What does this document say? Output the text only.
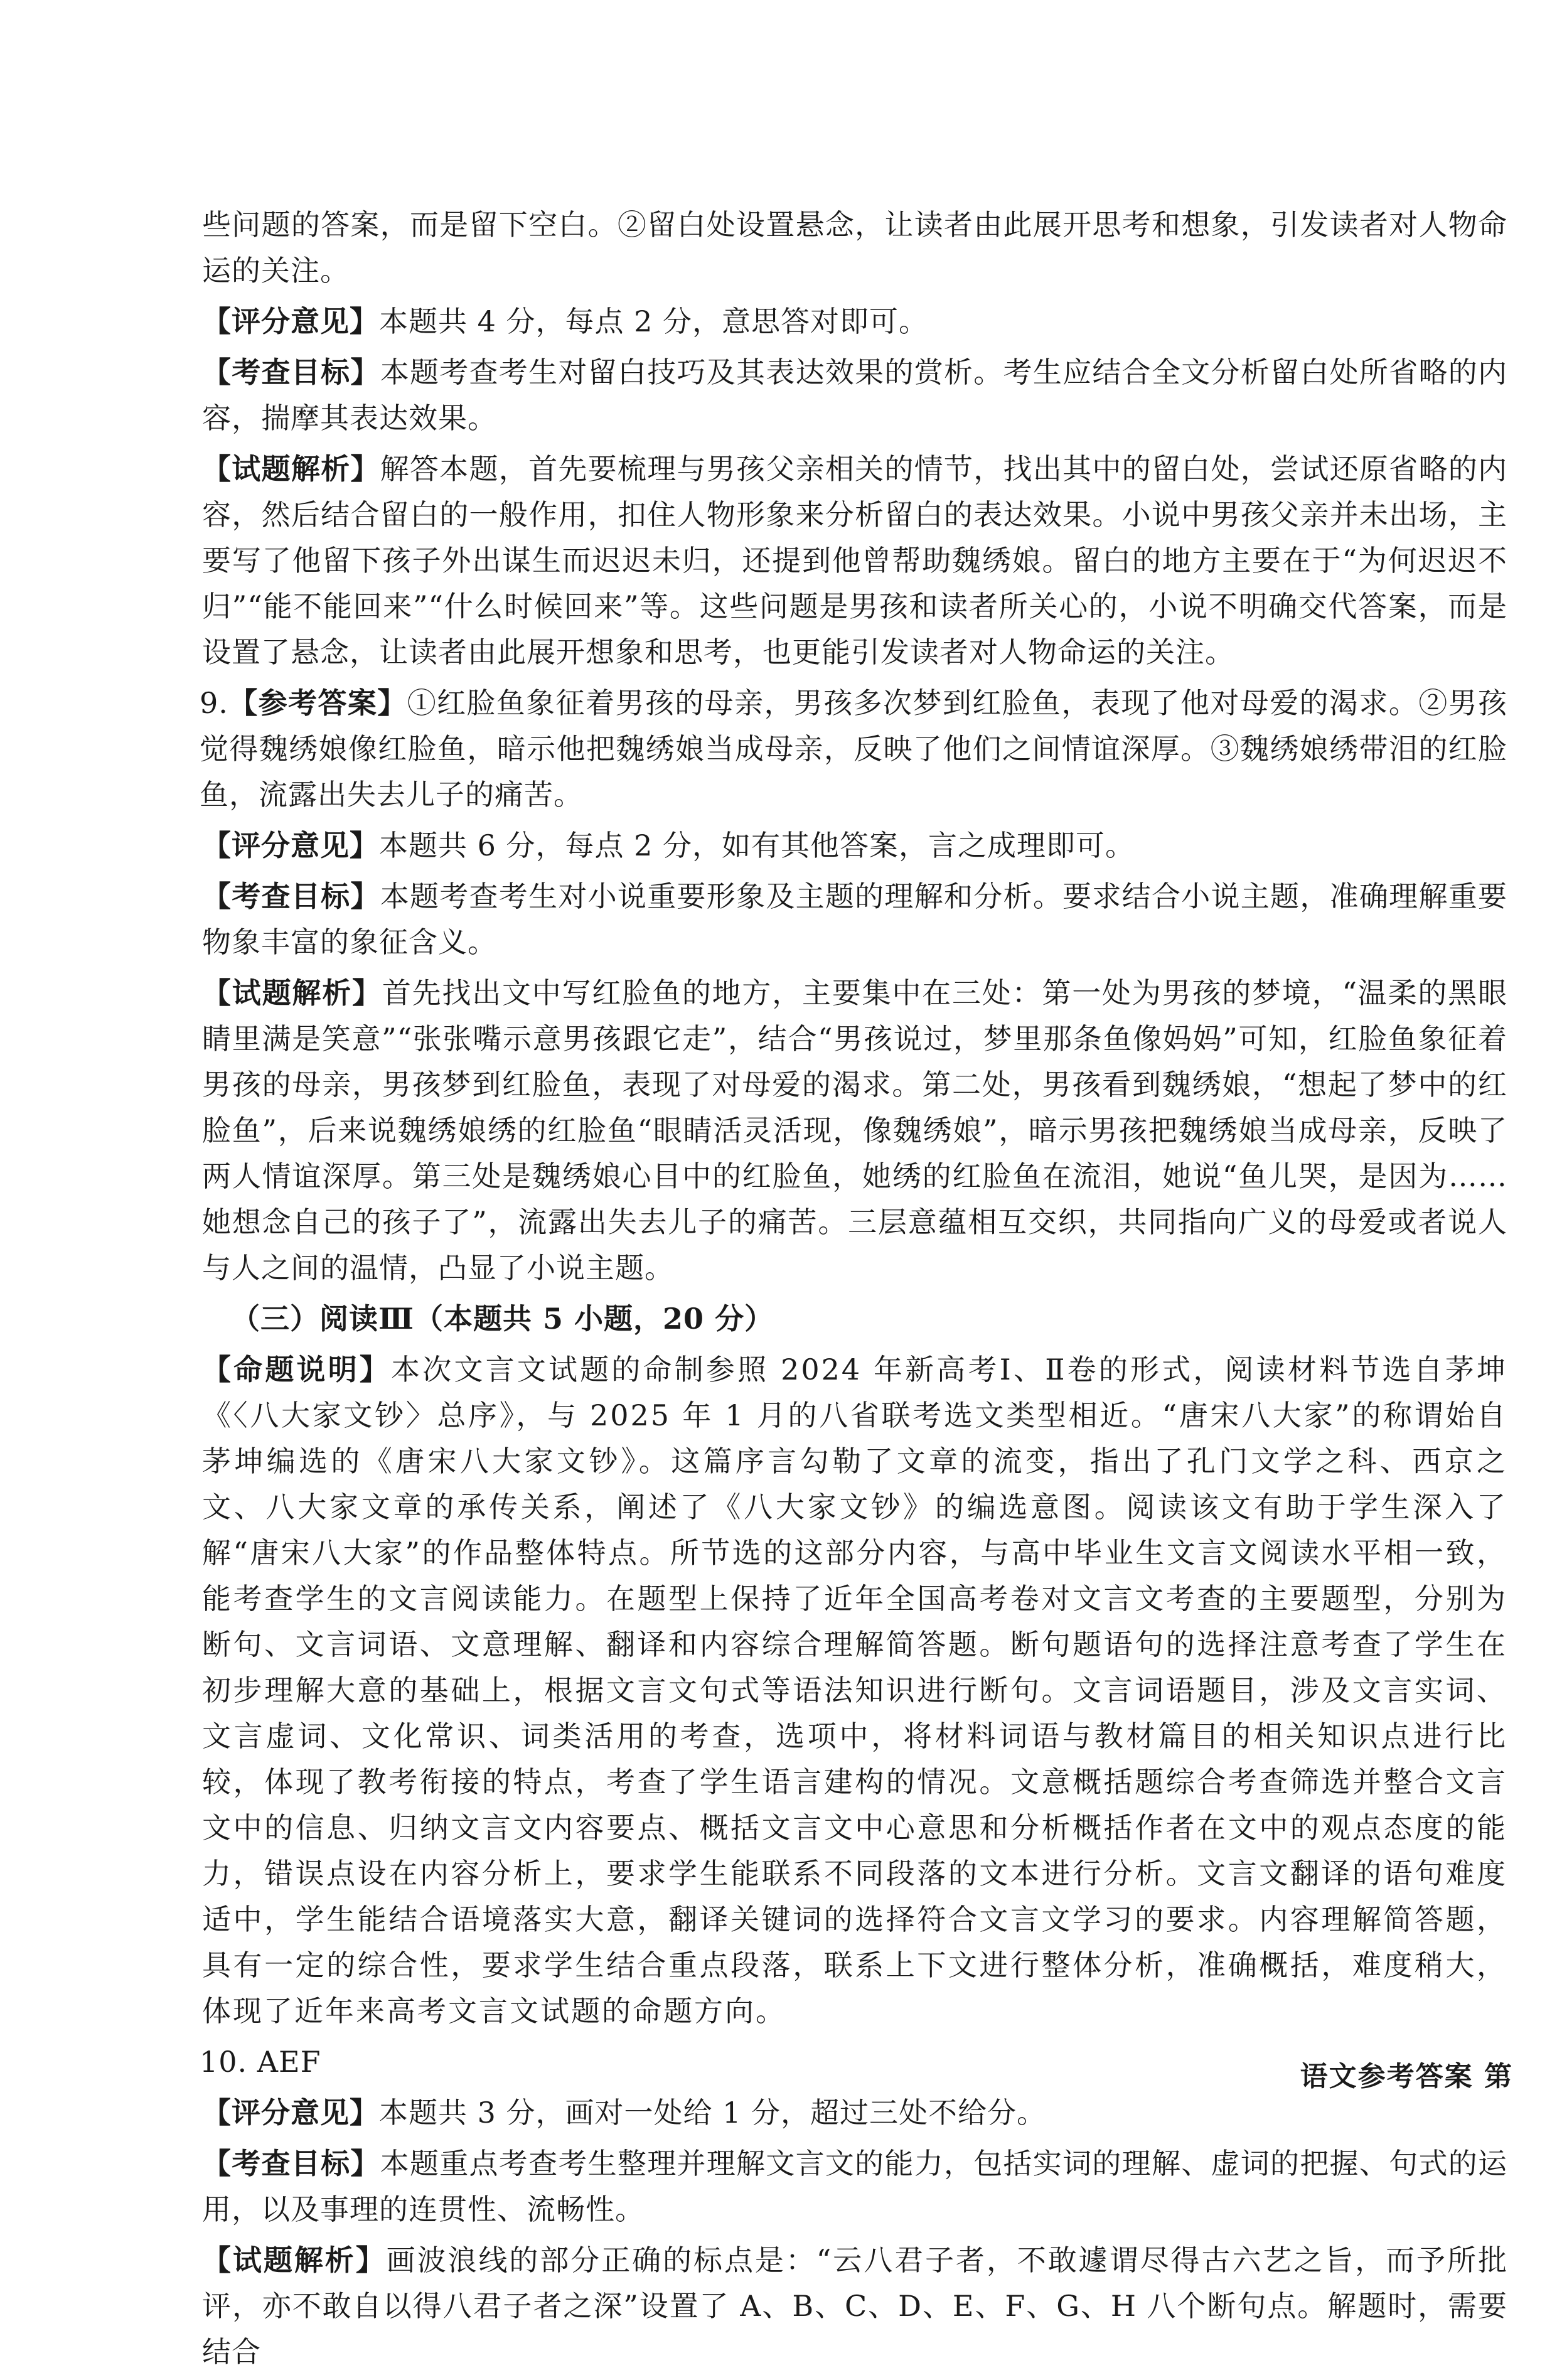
些问题的答案，而是留下空白。②留白处设置悬念，让读者由此展开思考和想象，引发读者对人物命运的关注。

【评分意见】本题共 4 分，每点 2 分，意思答对即可。

【考查目标】本题考查考生对留白技巧及其表达效果的赏析。考生应结合全文分析留白处所省略的内容，揣摩其表达效果。

【试题解析】解答本题，首先要梳理与男孩父亲相关的情节，找出其中的留白处，尝试还原省略的内容，然后结合留白的一般作用，扣住人物形象来分析留白的表达效果。小说中男孩父亲并未出场，主要写了他留下孩子外出谋生而迟迟未归，还提到他曾帮助魏绣娘。留白的地方主要在于“为何迟迟不归”“能不能回来”“什么时候回来”等。这些问题是男孩和读者所关心的，小说不明确交代答案，而是设置了悬念，让读者由此展开想象和思考，也更能引发读者对人物命运的关注。

9.【参考答案】①红脸鱼象征着男孩的母亲，男孩多次梦到红脸鱼，表现了他对母爱的渴求。②男孩觉得魏绣娘像红脸鱼，暗示他把魏绣娘当成母亲，反映了他们之间情谊深厚。③魏绣娘绣带泪的红脸鱼，流露出失去儿子的痛苦。

【评分意见】本题共 6 分，每点 2 分，如有其他答案，言之成理即可。

【考查目标】本题考查考生对小说重要形象及主题的理解和分析。要求结合小说主题，准确理解重要物象丰富的象征含义。

【试题解析】首先找出文中写红脸鱼的地方，主要集中在三处：第一处为男孩的梦境，“温柔的黑眼睛里满是笑意”“张张嘴示意男孩跟它走”，结合“男孩说过，梦里那条鱼像妈妈”可知，红脸鱼象征着男孩的母亲，男孩梦到红脸鱼，表现了对母爱的渴求。第二处，男孩看到魏绣娘，“想起了梦中的红脸鱼”，后来说魏绣娘绣的红脸鱼“眼睛活灵活现，像魏绣娘”，暗示男孩把魏绣娘当成母亲，反映了两人情谊深厚。第三处是魏绣娘心目中的红脸鱼，她绣的红脸鱼在流泪，她说“鱼儿哭，是因为……她想念自己的孩子了”，流露出失去儿子的痛苦。三层意蕴相互交织，共同指向广义的母爱或者说人与人之间的温情，凸显了小说主题。

（三）阅读Ⅲ（本题共 5 小题，20 分）

【命题说明】本次文言文试题的命制参照 2024 年新高考Ⅰ、Ⅱ卷的形式，阅读材料节选自茅坤《〈八大家文钞〉总序》，与 2025 年 1 月的八省联考选文类型相近。“唐宋八大家”的称谓始自茅坤编选的《唐宋八大家文钞》。这篇序言勾勒了文章的流变，指出了孔门文学之科、西京之文、八大家文章的承传关系，阐述了《八大家文钞》的编选意图。阅读该文有助于学生深入了解“唐宋八大家”的作品整体特点。所节选的这部分内容，与高中毕业生文言文阅读水平相一致，能考查学生的文言阅读能力。在题型上保持了近年全国高考卷对文言文考查的主要题型，分别为断句、文言词语、文意理解、翻译和内容综合理解简答题。断句题语句的选择注意考查了学生在初步理解大意的基础上，根据文言文句式等语法知识进行断句。文言词语题目，涉及文言实词、文言虚词、文化常识、词类活用的考查，选项中，将材料词语与教材篇目的相关知识点进行比较，体现了教考衔接的特点，考查了学生语言建构的情况。文意概括题综合考查筛选并整合文言文中的信息、归纳文言文内容要点、概括文言文中心意思和分析概括作者在文中的观点态度的能力，错误点设在内容分析上，要求学生能联系不同段落的文本进行分析。文言文翻译的语句难度适中，学生能结合语境落实大意，翻译关键词的选择符合文言文学习的要求。内容理解简答题，具有一定的综合性，要求学生结合重点段落，联系上下文进行整体分析，准确概括，难度稍大，体现了近年来高考文言文试题的命题方向。

10. AEF

【评分意见】本题共 3 分，画对一处给 1 分，超过三处不给分。

【考查目标】本题重点考查考生整理并理解文言文的能力，包括实词的理解、虚词的把握、句式的运用，以及事理的连贯性、流畅性。

【试题解析】画波浪线的部分正确的标点是：“云八君子者，不敢遽谓尽得古六艺之旨，而予所批评，亦不敢自以得八君子者之深”设置了 A、B、C、D、E、F、G、H 八个断句点。解题时，需要结合

语文参考答案 第
